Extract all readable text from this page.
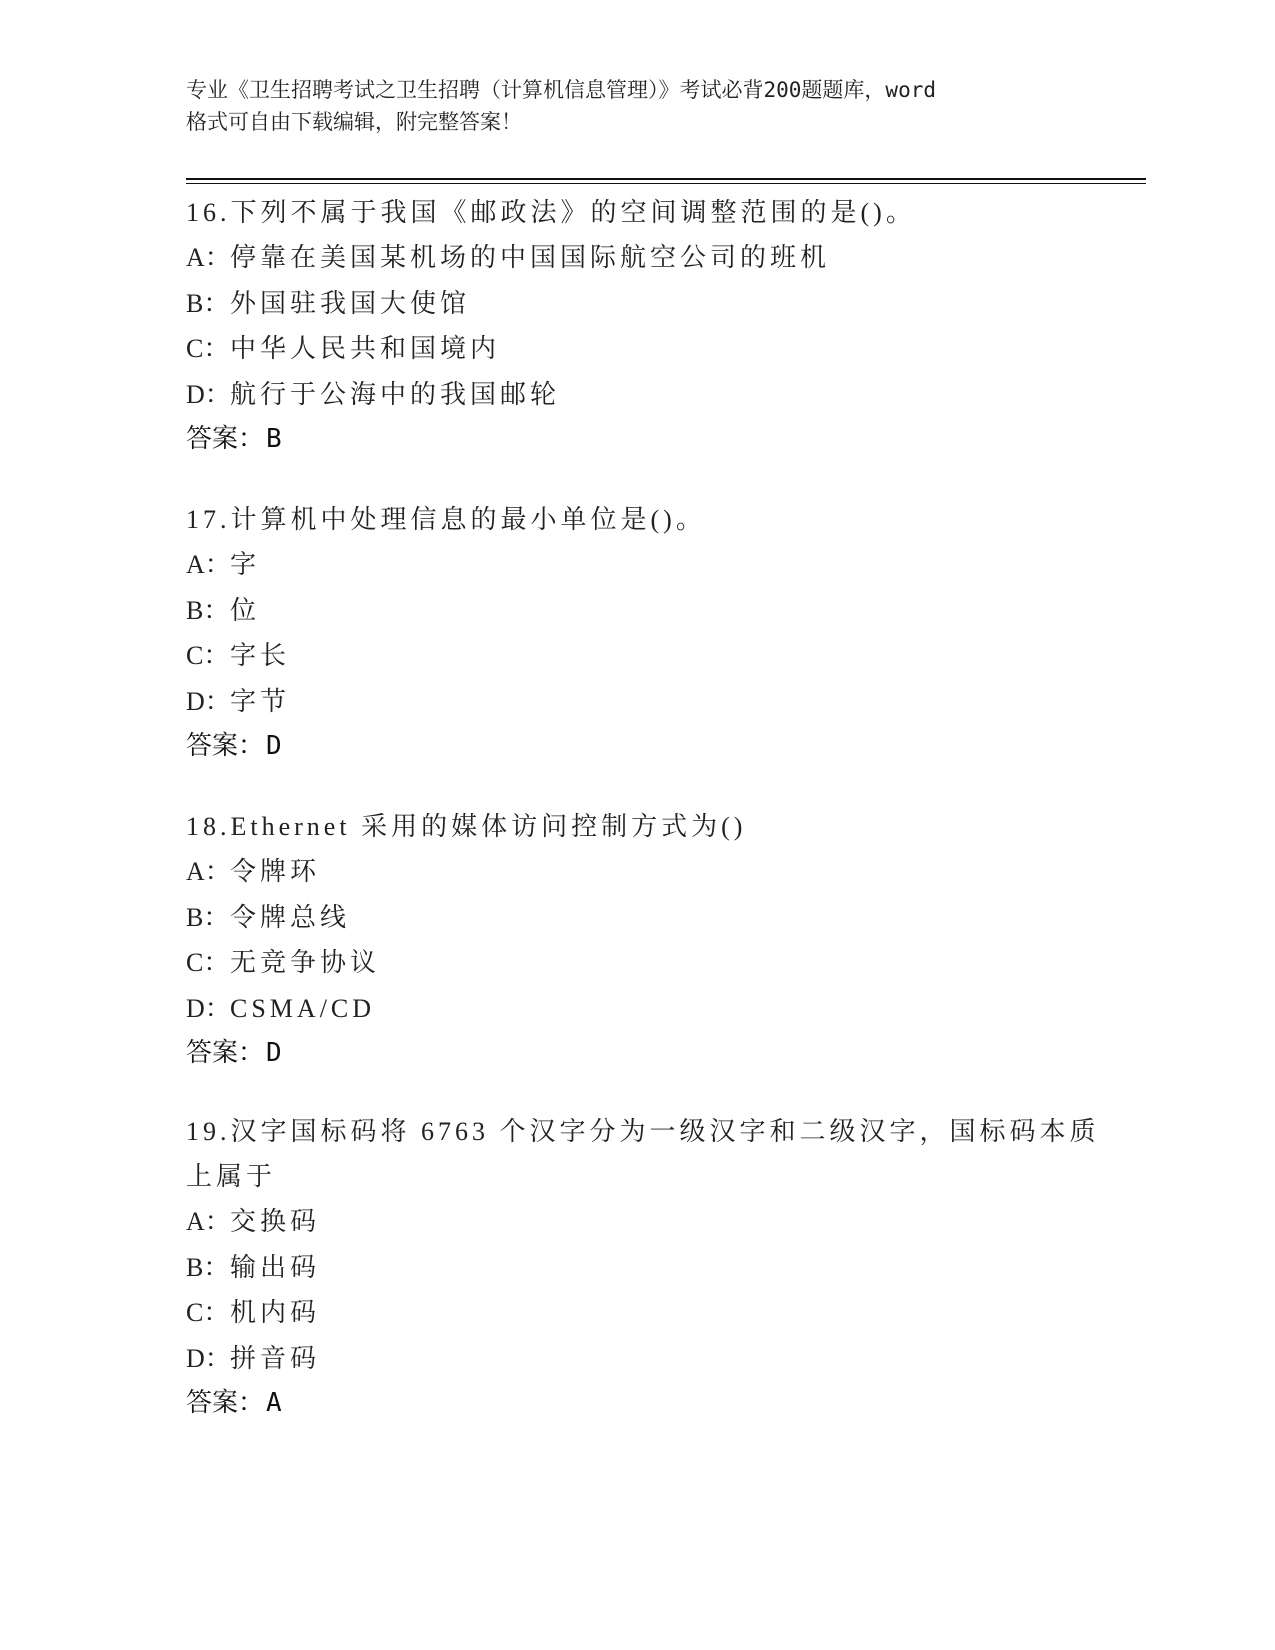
专业《卫生招聘考试之卫生招聘（计算机信息管理）》考试必背200题题库，word
格式可自由下载编辑，附完整答案！
16.下列不属于我国《邮政法》的空间调整范围的是()。
A：停靠在美国某机场的中国国际航空公司的班机
B：外国驻我国大使馆
C：中华人民共和国境内
D：航行于公海中的我国邮轮
答案：B
17.计算机中处理信息的最小单位是()。
A：字
B：位
C：字长
D：字节
答案：D
18.Ethernet 采用的媒体访问控制方式为()
A：令牌环
B：令牌总线
C：无竞争协议
D：CSMA/CD
答案：D
19.汉字国标码将 6763 个汉字分为一级汉字和二级汉字，国标码本质
上属于
A：交换码
B：输出码
C：机内码
D：拼音码
答案：A
